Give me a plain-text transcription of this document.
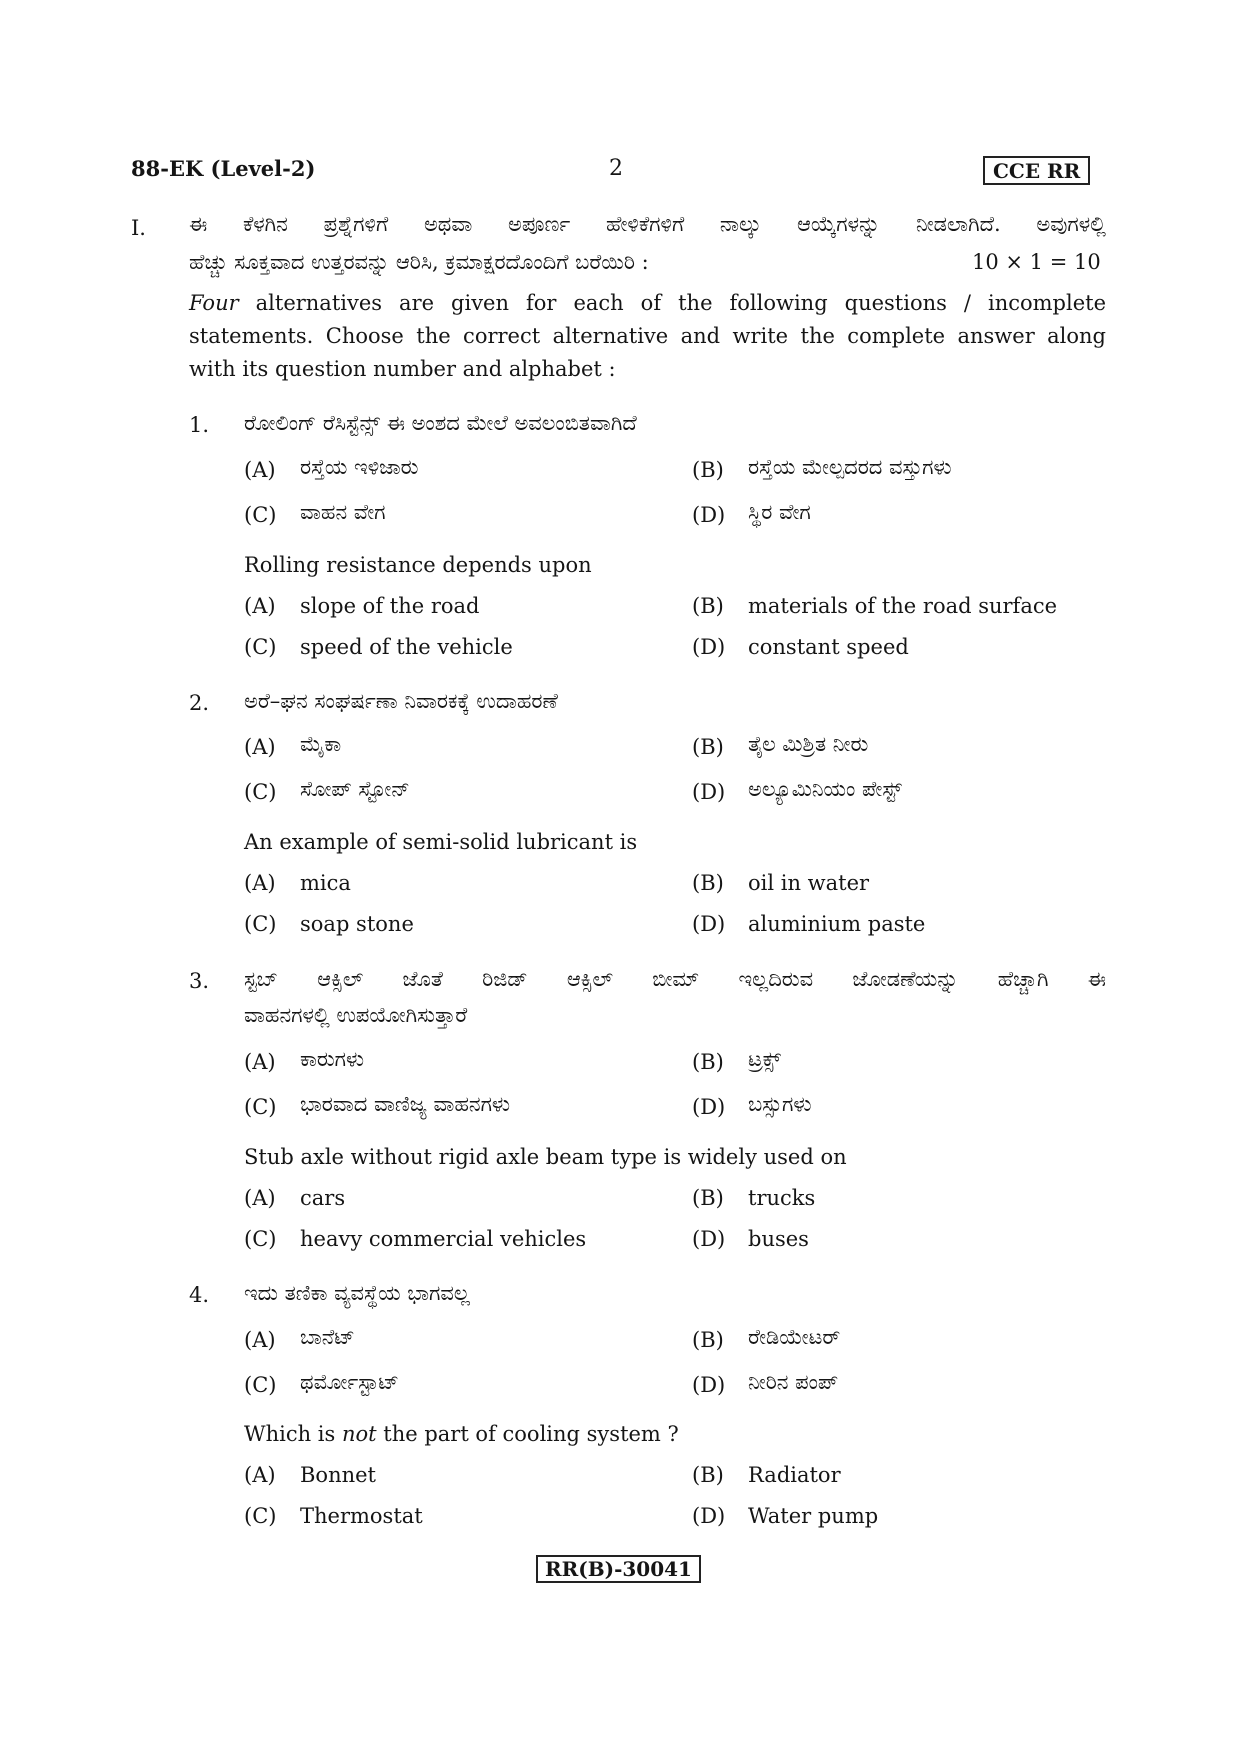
88-EK (Level-2)	2	CCE RR
I. ಈ ಕೆಳಗಿನ ಪ್ರಶ್ನೆಗಳಿಗೆ ಅಥವಾ ಅಪೂರ್ಣ ಹೇಳಿಕೆಗಳಿಗೆ ನಾಲ್ಕು ಆಯ್ಕೆಗಳನ್ನು ನೀಡಲಾಗಿದೆ. ಅವುಗಳಲ್ಲಿ
ಹೆಚ್ಚು ಸೂಕ್ತವಾದ ಉತ್ತರವನ್ನು ಆರಿಸಿ, ಕ್ರಮಾಕ್ಷರದೊಂದಿಗೆ ಬರೆಯಿರಿ :	10 × 1 = 10
Four alternatives are given for each of the following questions / incomplete
statements. Choose the correct alternative and write the complete answer along
with its question number and alphabet :
1. ರೋಲಿಂಗ್ ರೆಸಿಸ್ಟೆನ್ಸ್ ಈ ಅಂಶದ ಮೇಲೆ ಅವಲಂಬಿತವಾಗಿದೆ
(A) ರಸ್ತೆಯ ಇಳಿಜಾರು	(B) ರಸ್ತೆಯ ಮೇಲ್ಪದರದ ವಸ್ತುಗಳು
(C) ವಾಹನ ವೇಗ	(D) ಸ್ಥಿರ ವೇಗ
Rolling resistance depends upon
(A) slope of the road	(B) materials of the road surface
(C) speed of the vehicle	(D) constant speed
2. ಅರೆ–ಘನ ಸಂಘರ್ಷಣಾ ನಿವಾರಕಕ್ಕೆ ಉದಾಹರಣೆ
(A) ಮೈಕಾ	(B) ತೈಲ ಮಿಶ್ರಿತ ನೀರು
(C) ಸೋಪ್ ಸ್ಟೋನ್	(D) ಅಲ್ಯೂಮಿನಿಯಂ ಪೇಸ್ಟ್
An example of semi-solid lubricant is
(A) mica	(B) oil in water
(C) soap stone	(D) aluminium paste
3. ಸ್ಟಬ್ ಆಕ್ಸಿಲ್ ಜೊತೆ ರಿಜಿಡ್ ಆಕ್ಸಿಲ್ ಬೀಮ್ ಇಲ್ಲದಿರುವ ಜೋಡಣೆಯನ್ನು ಹೆಚ್ಚಾಗಿ ಈ
ವಾಹನಗಳಲ್ಲಿ ಉಪಯೋಗಿಸುತ್ತಾರೆ
(A) ಕಾರುಗಳು	(B) ಟ್ರಕ್ಸ್
(C) ಭಾರವಾದ ವಾಣಿಜ್ಯ ವಾಹನಗಳು	(D) ಬಸ್ಸುಗಳು
Stub axle without rigid axle beam type is widely used on
(A) cars	(B) trucks
(C) heavy commercial vehicles	(D) buses
4. ಇದು ತಣಿಕಾ ವ್ಯವಸ್ಥೆಯ ಭಾಗವಲ್ಲ
(A) ಬಾನೆಟ್	(B) ರೇಡಿಯೇಟರ್
(C) ಥರ್ಮೋಸ್ಟಾಟ್	(D) ನೀರಿನ ಪಂಪ್
Which is not the part of cooling system ?
(A) Bonnet	(B) Radiator
(C) Thermostat	(D) Water pump
RR(B)-30041
